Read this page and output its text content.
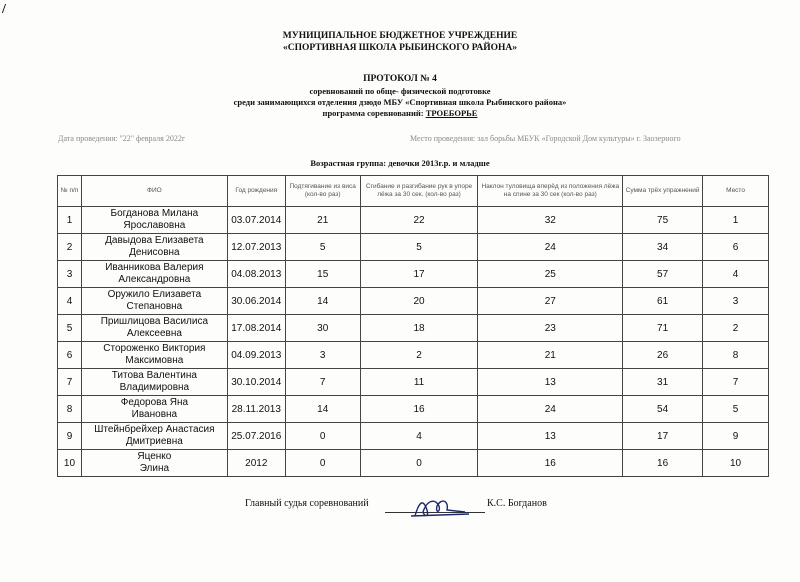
/
МУНИЦИПАЛЬНОЕ БЮДЖЕТНОЕ УЧРЕЖДЕНИЕ
«СПОРТИВНАЯ ШКОЛА РЫБИНСКОГО РАЙОНА»
ПРОТОКОЛ № 4
соревнований по обще- физической подготовке
среди занимающихся отделения дзюдо МБУ «Спортивная школа Рыбинского района»
программа соревнований: ТРОЕБОРЬЕ
Дата проведения: "22" февраля 2022г	Место проведения: зал борьбы МБУК «Городской Дом культуры» г. Заозерного
Возрастная группа: девочки 2013г.р. и младше
№ п/п	ФИО	Год рождения	Подтягивание из виса (кол-во раз)	Сгибание и разгибание рук в упоре лёжа за 30 сек. (кол-во раз)	Наклон туловища вперёд из положения лёжа на спине за 30 сек (кол-во раз)	Сумма трёх упражнений	Место
1	Богданова Милана
Ярославовна	03.07.2014	21	22	32	75	1
2	Давыдова Елизавета
Денисовна	12.07.2013	5	5	24	34	6
3	Иванникова Валерия
Александровна	04.08.2013	15	17	25	57	4
4	Оружило Елизавета
Степановна	30.06.2014	14	20	27	61	3
5	Пришлицова Василиса
Алексеевна	17.08.2014	30	18	23	71	2
6	Стороженко Виктория
Максимовна	04.09.2013	3	2	21	26	8
7	Титова Валентина
Владимировна	30.10.2014	7	11	13	31	7
8	Федорова Яна
Ивановна	28.11.2013	14	16	24	54	5
9	Штейнбрейхер Анастасия
Дмитриевна	25.07.2016	0	4	13	17	9
10	Яценко
Элина	2012	0	0	16	16	10
Главный судья соревнований	К.С. Богданов
